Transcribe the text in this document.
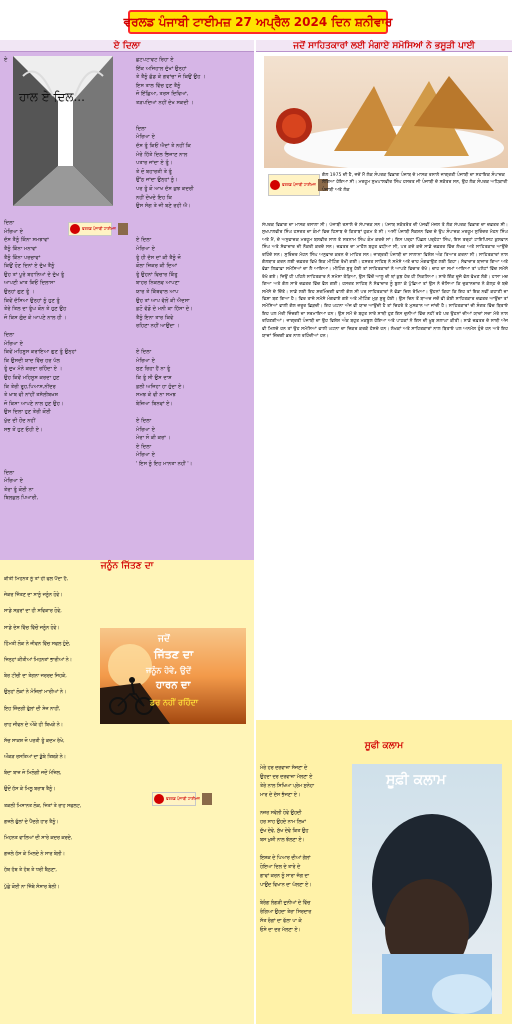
ਵਰਲਡ ਪੰਜਾਬੀ ਟਾਈਮਜ਼ 27 ਅਪ੍ਰੈਲ 2024 ਦਿਨ ਸ਼ਨੀਵਾਰ
ਏ ਦਿਲਾ
ਹਾਲ ਏ ਦਿਲ...
ਏ

ਦਿਲਾ
ਮੇਰਿਆ ਏ
ਦੱਸ ਤੈਨੂੰ ਕਿੰਨਾ ਸਮਝਾਵਾਂ
ਤੈਨੂੰ ਕਿੰਨਾ ਮਨਾਵਾਂ
ਤੈਨੂੰ ਕਿੰਨਾ ਪਰਚਾਵਾਂ
ਕਿਉਂ ਹੋਣ ਦਿਨਾਂ ਏ ਦੁੱਖ ਤੈਨੂੰ
ਉਹ ਤਾਂ ਪੂਰੇ ਬਹਾਨਿਆਂ ਦੇ ਦੁੱਖ ਤੂੰ
ਆਪਣੀ ਖ਼ਾਤ ਕਿਓਂ ਦਿਲਾਸਾ
ਉਨ੍ਹਾਂ ਗੁਣ ਤੂੰ ।
ਕਿਵੇਂ ਦੱਸਿਆ ਉਨ੍ਹਾਂ ਨੂੰ ਹੁਣ ਤੂੰ
ਤੇਰੇ ਤਿਲ ਦਾ ਤੂੰਘ ਕੋਨ ਤੇ ਹੁਣ ਉਹ
ਜੋ ਕਿਸ ਗੁੰਦ ਕੇ ਆਪਣੇ ਨਾਲ ਹੀ ।

ਦਿਲਾ
ਮੇਰਿਆ ਏ
ਕਿਵੇਂ ਮਹਿਸੂਸ ਕਰਾਇਆ ਗੁਣ ਤੂੰ ਉਨ੍ਹਾਂ
ਕਿ ਉਸਦੀ ਯਾਦ ਵਿੱਚ ਹਰ ਪੱਲ
ਤੂੰ ਦੁਖ ਮੰਨੇ ਕਰਦਾ ਰਹਿੰਦਾ ਏ ।
ਉਹ ਕਿਵੇਂ ਮਹਿਸੂਸ ਕਰਦਾ ਹੁਣ
ਕਿ ਤੇਰੀ ਰੂਹ,ਪਿਆਸ,ਨੀਂਦਰ
ਤੇ ਖ਼ਾਬ ਵੀ ਨਾਂਹੀਂ ਤਸੱਲੀਬਖ਼ਸ਼
ਜੋ ਕਿਸਾ ਆਪਣੇ ਨਾਲ ਹੁਣ ਉਹ।
ਉਸ ਦਿਲਾ ਹੁਣ ਤੇਰੀ ਕੋਈ
ਖੁੱਦ ਦੀ ਹੋਂਦ ਨਹੀਂ
ਸਭ ਤੋਂ ਹੁਣ ਓਹੀ ਏ।

ਦਿਲਾ
ਮੇਰਿਆ ਏ
ਤੇਰਾ ਤੂੰ ਕੋਈ ਨਾ
ਬਿਲਕੁਲ ਪਿਆਰੀ,
ਛਟਪਟਾਵਟ ਰਿਹਾ ਏ
ਇੱਕ ਅਜਿਹਾਲ ਦੁੱਖਾਂ ਉਨ੍ਹਾਂ
ਤੇ ਤੈਨੂੰ ਛੱਡ ਕੇ ਗਵਾਂਚਾ ਜੋ ਕਿਉਂ ਉਹ ।
ਇਸ ਤਾਲ ਵਿੱਚ ਹੁਣ ਤੈਨੂੰ
ਜੋ ਇੱਛਿਆ, ਤਰਸ ਦਿਵਿਆਂ,
ਤੜਪਦਿਆਂ ਨਹੀਂ ਦੇਖ ਸਕਦੀ ।

ਦਿਲਾ
ਮੇਰਿਆ ਏ
ਦੱਸ ਤੂੰ ਕਿਓਂ ਐਦਾਂ ਤੇ ਨਹੀਂ ਕਿ
ਮੇਰੇ ਹਿੱਤੇ ਦਿਲ ਭਿਜਾਣ ਨਾਲ
ਪਤਾਰ ਜਾਂਦਾ ਏ ਤੂੰ।
ਤੇ ਦੋ ਬਹਾਰਤੀ ਤੇ ਤੂੰ
ਉੱਠ ਜਾਂਦਾ ਉਨ੍ਹਾਂ ਨੂੰ।
ਪਰ ਤੂੰ ਕੋ ਆਖ ਦੱਸ ਕੁਝ ਕਦਰੀ
ਨਹੀਂ ਦੇਖਦੇ ਇਹ ਕਿ
ਉਸ ਸੰਗ ਤੇ ਜੀ ਬਣੇ ਰਹੀ ਐ।

ਏ ਦਿਲਾ
ਮੇਰਿਆ ਏ
ਤੂੰ ਹੀ ਦੱਸ ਦਾਂ ਕੀ ਤੈਨੂੰ ਜੋ
ਕੋਲਾ ਜ਼ਿਕਰ ਕੀ ਦਿਆਂ
ਤੂੰ ਉਹਨਾਂ ਵਿਚਾਰ ਕਿੰਤੂ
ਬਾਹਰ ਨਿਕਲਵ ਆਪਣਾ
ਯਾਰ ਤੇ ਕਿੱਥਵਾਲ ਆਪ
ਉਹ ਤਾਂ ਆਪ ਵੱਲੋਂ ਕੀ ਐਦਸਾ
ਫ਼ਟੋ ਵੱਡੋ ਦੇ ਮਨੀ ਕਾ ਹਿੱਸਾ ਦੇ।
ਤੈਨੂੰ ਇਨਾ ਤਾਰ ਕਿਵੇ
ਰਹਿਣਾ ਨਹੀਂ ਆਉਂਦਾ ।

ਏ ਦਿਲਾ
ਮੇਰਿਆ ਏ
ਸੁਣ ਰਿਹਾ ਹੈਂ ਨਾ ਤੂੰ
ਕਿ ਤੂੰ ਸੀ ਉਸ ਦਾਸ਼
ਫ਼ਲੀ ਅਜਿਹਾ ਹਾ ਹੁੰਦਾ ਏ।
ਸਮਝ ਕੇ ਵੀ ਨਾ ਸਮਝ
ਬੇਜ਼ਿਆ ਬਿਨਵਾਂ ਏ।

ਏ ਦਿਲਾ
ਮੇਰਿਆ ਏ
ਮੇਰਾ ਸੋ ਕੀ ਕਰਾਂ ।
ਏ ਦਿਲਾ
ਮੇਰਿਆ ਏ
' ਇਸ ਨੂੰ ਇਹ ਮਾਨਤਾ ਨਹੀਂ '।
ਵਰਲਡ ਪੰਜਾਬੀ ਟਾਈਮਜ਼
ਜਦੋਂ ਸਾਹਿਤਕਾਰਾਂ ਲਈ ਮੰਗਾਏ ਸਮੋਸਿਆਂ ਨੇ ਭਸੂੜੀ ਪਾਈ
ਵਰਲਡ ਪੰਜਾਬੀ ਟਾਈਮਜ਼
ਗੱਲ 1975 ਦੀ ਹੈ, ਜਦੋਂ ਮੈਂ ਲੋਕ ਸੰਪਰਕ ਵਿਭਾਗ ਪੰਜਾਬ ਦੇ ਮਾਸਕ ਰਸਾਲੇ ਜਾਗ੍ਰਤੀ ਪੰਜਾਬੀ ਦਾ ਸਹਾਇਕ ਸੰਪਾਦਕ ਲੱਗਿਆ ਹੋਇਆ ਸੀ। ਮਰਹੂਮ ਸੁਖਪਾਲਵੀਰ ਸਿੰਘ ਹਸਰਤ ਜੀ ਪੰਜਾਬੀ ਦੇ ਸਕੱਤਰ ਸਨ, ਉਹ ਲੋਕ ਸੰਪਰਕ ਅਧਿਕਾਰੀ ਪੰਜਾਬੀ ਅਤੇ ਲੋਕ
ਸੰਪਰਕ ਵਿਭਾਗ ਦਾ ਮਾਸਕ ਰਸਾਲਾ ਸੀ। ਪੰਜਾਬੀ ਰਸਾਲੇ ਦੇ ਸੰਪਾਦਕ ਸਨ। ਪੰਜਾਬ ਸਕੱਤਰੇਤ ਦੀ ਪੰਜਵੀਂ ਮੰਜ਼ਲ ਤੇ ਲੋਕ ਸੰਪਰਕ ਵਿਭਾਗ ਦਾ ਦਫ਼ਤਰ ਸੀ। ਸੁਖਪਾਲਵੀਰ ਸਿੰਘ ਹਸਰਤ ਦਾ ਕੰਮਾਂ ਵਿਚ ਹਿਸਾਬ ਦੇ ਕਿਤਾਬਾਂ ਹੁਕਮ ਤੇ ਸੀ। ਅਸੀਂ ਪੰਜਾਬੀ ਸੈਕਸ਼ਨ ਵਿਚ ਦੋ ਉਪ ਸੰਪਾਦਕ ਮਰਹੂਮ ਸੁਰਿੰਦਰ ਮੋਹਨ ਸਿੰਘ ਅਤੇ ਮੈਂ, ਦੋ ਅਨੁਵਾਦਕ ਮਰਹੂਮ ਬਲਵੀਰ ਸਾਲ ਤੇ ਸਤਨਾਮ ਸਿੰਘ ਕੰਮ ਕਰਦੇ ਸਾਂ। ਇਸ ਪਰ੍ਹਾ ਪਿੱਛਲ ਪਰ੍ਹੇਟਾ ਸਿੰਘ, ਇਸ ਤਰ੍ਹਾਂ ਟਾਇਪਿਸਟ ਕੁਲਵਾਨ ਸਿੰਘ ਅਤੇ ਸੇਵਾਦਾਰ ਦੀ ਨੌਕਰੀ ਕਰਦੇ ਸਨ। ਦਫ਼ਤਰ ਦਾ ਮਾਹੌਲ ਬਹੁਤ ਵਧੀਆ ਸੀ, ਪਰ ਕਦੇ ਕਦੇ ਸਾਡੇ ਦਫ਼ਤਰ ਵਿੱਚ ਲੇਖਕ ਅਤੇ ਸਾਹਿਤਕਾਰ ਆਉਂਦੇ ਰਹਿੰਦੇ ਸਨ। ਸੁਰਿੰਦਰ ਮੋਹਨ ਸਿੰਘ ਅਨੁਵਾਦ ਕਰਨ ਦੇ ਮਾਹਿਰ ਸਨ। ਜਾਗ੍ਰਤੀ ਪੰਜਾਬੀ ਦਾ ਸਾਲਾਨਾ ਵਿਸ਼ੇਸ਼ ਅੰਕ ਤਿਆਰ ਕਰਨਾ ਸੀ। ਸਾਹਿਤਕਾਰਾਂ ਨਾਲ ਗੱਲਬਾਤ ਕਰਨ ਲਈ ਦਫ਼ਤਰ ਵਿਖੇ ਇਕ ਮੀਟਿੰਗ ਰੱਖੀ ਗਈ। ਹਸਰਤ ਸਾਹਿਬ ਨੇ ਸਮੋਸੇ ਅਤੇ ਚਾਹ ਮੰਗਵਾਉਣ ਲਈ ਕਿਹਾ। ਸੇਵਾਦਾਰ ਬਾਜ਼ਾਰ ਗਿਆ ਅਤੇ ਵੱਡਾ ਲਿਫ਼ਾਫ਼ਾ ਸਮੋਸਿਆਂ ਦਾ ਲੈ ਆਇਆ। ਮੀਟਿੰਗ ਸ਼ੁਰੂ ਹੋਈ ਤਾਂ ਸਾਹਿਤਕਾਰਾਂ ਨੇ ਆਪਣੇ ਵਿਚਾਰ ਰੱਖੇ। ਚਾਹ ਦਾ ਸਮਾਂ ਆਇਆ ਤਾਂ ਪਲੇਟਾਂ ਵਿੱਚ ਸਮੋਸੇ ਰੱਖੇ ਗਏ। ਜਿਉਂ ਹੀ ਪਹਿਲੇ ਸਾਹਿਤਕਾਰ ਨੇ ਸਮੋਸਾ ਤੋੜਿਆ, ਉਸ ਵਿੱਚੋਂ ਆਲੂ ਦੀ ਥਾਂ ਕੁਝ ਹੋਰ ਹੀ ਨਿਕਲਿਆ। ਸਾਰੇ ਇੱਕ ਦੂਜੇ ਵੱਲ ਵੇਖਣ ਲੱਗੇ। ਹਾਸਾ ਮਚ ਗਿਆ ਅਤੇ ਗੱਲ ਸਾਰੇ ਦਫ਼ਤਰ ਵਿੱਚ ਫੈਲ ਗਈ। ਹਸਰਤ ਸਾਹਿਬ ਨੇ ਸੇਵਾਦਾਰ ਨੂੰ ਬੁਲਾ ਕੇ ਪੁੱਛਿਆ ਤਾਂ ਉਸ ਨੇ ਦੱਸਿਆ ਕਿ ਦੁਕਾਨਦਾਰ ਨੇ ਕੱਲ੍ਹ ਦੇ ਬਚੇ ਸਮੋਸੇ ਦੇ ਦਿੱਤੇ। ਸਾਡੇ ਲਈ ਇਹ ਸ਼ਰਮਿੰਦਗੀ ਵਾਲੀ ਗੱਲ ਸੀ ਪਰ ਸਾਹਿਤਕਾਰਾਂ ਨੇ ਵੱਡਾ ਦਿਲ ਰੱਖਿਆ। ਉਹਨਾਂ ਕਿਹਾ ਕਿ ਇਹ ਤਾਂ ਇਕ ਨਵੀਂ ਕਹਾਣੀ ਦਾ ਵਿਸ਼ਾ ਬਣ ਗਿਆ ਹੈ। ਫਿਰ ਤਾਜ਼ੇ ਸਮੋਸੇ ਮੰਗਵਾਏ ਗਏ ਅਤੇ ਮੀਟਿੰਗ ਮੁੜ ਸ਼ੁਰੂ ਹੋਈ। ਉਸ ਦਿਨ ਤੋਂ ਬਾਅਦ ਜਦੋਂ ਵੀ ਕੋਈ ਸਾਹਿਤਕਾਰ ਦਫ਼ਤਰ ਆਉਂਦਾ ਤਾਂ ਸਮੋਸਿਆਂ ਵਾਲੀ ਗੱਲ ਜ਼ਰੂਰ ਛਿੜਦੀ। ਇਹ ਘਟਨਾ ਅੱਜ ਵੀ ਯਾਦ ਆਉਂਦੀ ਹੈ ਤਾਂ ਚਿਹਰੇ ਤੇ ਮੁਸਕਾਨ ਆ ਜਾਂਦੀ ਹੈ। ਸਾਹਿਤਕਾਰਾਂ ਦੀ ਸੰਗਤ ਵਿੱਚ ਬਿਤਾਏ ਇਹ ਪਲ ਮੇਰੀ ਜ਼ਿੰਦਗੀ ਦਾ ਸਰਮਾਇਆ ਹਨ। ਉਸ ਸਮੇਂ ਦੇ ਬਹੁਤ ਸਾਰੇ ਸਾਥੀ ਹੁਣ ਇਸ ਦੁਨੀਆਂ ਵਿੱਚ ਨਹੀਂ ਰਹੇ ਪਰ ਉਹਨਾਂ ਦੀਆਂ ਯਾਦਾਂ ਸਦਾ ਮੇਰੇ ਨਾਲ ਰਹਿਣਗੀਆਂ। ਜਾਗ੍ਰਤੀ ਪੰਜਾਬੀ ਦਾ ਉਹ ਵਿਸ਼ੇਸ਼ ਅੰਕ ਬਹੁਤ ਮਕਬੂਲ ਹੋਇਆ ਅਤੇ ਪਾਠਕਾਂ ਨੇ ਇਸ ਦੀ ਖ਼ੂਬ ਸ਼ਲਾਘਾ ਕੀਤੀ। ਸਾਡੇ ਦਫ਼ਤਰ ਦੇ ਸਾਥੀ ਅੱਜ ਵੀ ਮਿਲਦੇ ਹਨ ਤਾਂ ਉਹ ਸਮੋਸਿਆਂ ਵਾਲੀ ਘਟਨਾ ਦਾ ਜ਼ਿਕਰ ਕਰਕੇ ਹੱਸਦੇ ਹਨ। ਲੇਖਕਾਂ ਅਤੇ ਸਾਹਿਤਕਾਰਾਂ ਨਾਲ ਬਿਤਾਏ ਪਲ ਅਨਮੋਲ ਹੁੰਦੇ ਹਨ ਅਤੇ ਇਹ ਯਾਦਾਂ ਜ਼ਿੰਦਗੀ ਭਰ ਨਾਲ ਰਹਿੰਦੀਆਂ ਹਨ।
ਜਨੂੰਨ ਜਿੱਤਣ ਦਾ
ਕੀਤੀ ਮਿਹਨਤ ਨੂੰ ਤਾਂ ਹੀ ਫਲ ਪੈਂਦਾ ਹੈ,

ਜੇਕਰ ਜਿੱਤਣ ਦਾ ਸਾਨੂੰ ਜਨੂੰਨ ਹੋਵੇ।

ਸਾਡੇ ਸਫ਼ਰਾਂ ਦਾ ਹੀ ਸਵਿਕਾਰ ਹੋਵੇ,

ਸਾਡੇ ਦੇਸ ਵਿੱਚ ਵਿੱਚੋਂ ਜਨੂੰਨ ਹੋਵੇ।

ਹਿੰਮਤੀ ਲੋਕ ਨੇ ਜੀਵਨ ਵਿੱਚ ਸਫਲ ਹੁੰਦੇ,

ਜਿਨ੍ਹਾਂ ਕੀਤੀਆਂ ਮਿਹਨਤਾਂ ਭਾਰੀਆਂ ਨੇ।

ਬੇਰ ਟੀਚੀ ਦਾ ਤੇਗਨਾ ਜਰਰਦ ਜਿਹਕੇ,

ਉਨ੍ਹਾਂ ਲੋਕਾਂ ਨੇ ਮੰਜ਼ਿਲਾਂ ਮਾਰੀਆਂ ਨੇ।

ਇਹ ਜ਼ਿੰਦਗੀ ਫੁੱਲਾਂ ਦੀ ਸੇਜ ਨਾਹੀਂ,

ਰਾਹ ਜੀਵਨ ਦੇ ਔਕੇ ਹੀ ਬਿਖੜੇ ਨੇ।

ਸੱਚ ਸਾਕਸ਼ ਜੋ ਪਰਤੀ ਤੂੰ ਕਦਮ ਰੱਖੇ,

ਔਕੜ ਰਸਤਿਆਂ ਦਾ ਡੁੱਬੇ ਤਿਥੜੇ ਨੇ।

ਬੰਦਾ ਬਾਜ਼ ਜੋ ਮਿਲੋਗੀ ਜਦੋਂ ਮੰਜ਼ਿਲ,

ਉਦੋਂ ਹੱਸ ਕੇ ਮਿਲੂ ਬਰਾਬ ਤੈਨੂੰ।

ਤਕਲੀ ਮਿਸਾਨਤ ਲੋਕ, ਜਿਤਾਂ ਤੇ ਰਾਹ ਸਫਲਟ,

ਗਜਲੇ ਫੁੱਲਾਂ ਦੇ ਪੈਂਦਗੇ ਹਾਰ ਤੈਨੂੰ।

ਮਿਹਨਤ ਵਾਲਿਆਂ ਦੀ ਸਾਰੇ ਕਦਰ ਕਰਦੇ,

ਗਜਲੇ ਹੱਸ ਕੇ ਮਿਲਦੇ ਨੇ ਸਾਰ ਬੇਲੀ।

ਹੱਥ ਹੱਥ ਤੇ ਹੱਥ ਤੇ ਧਰੀ ਬੈਠਣਾ,

ਪੁੱਛੇ ਕੋਈ ਨਾ ਜਿੱਥੇ ਸੰਸਾਰ ਬੇਲੀ।
ਜਦੋਂ
ਜਿੱਤਣ ਦਾ
ਜਨੂੰਨ ਹੋਵੇ, ਉਦੋਂ
ਹਾਰਨ ਦਾ
ਡਰ ਨਹੀਂ ਰਹਿੰਦਾ
ਵਰਲਡ ਪੰਜਾਬੀ ਟਾਈਮਜ਼
ਸੂਫੀ ਕਲਾਮ
ਮੇਰੇ ਹਰ ਦਰਵਾਜ਼ਾ ਸੱਜਣਾ ਦੇ
ਉਹਦਾ ਦਰ ਦਰਵਾਜ਼ਾ ਮੱਲਣਾ ਏ
ਤੇਰੇ ਨਾਲ ਸਿਖਿਆ ਪ੍ਰੇਮ ਸੁਨੇਹਾ
ਮਾਰ ਦੇ ਦੱਸ ਭੱਜਣਾ ਏ।

ਨਜ਼ਰ ਸਵੱਲੀ ਹੋਵੇ ਉਹਦੀ
ਹਰ ਸਾਹ ਉਹਦੇ ਨਾਮ ਲਿਖਾਂ
ਦੁੱਖ ਦੇਵੇ, ਸੁੱਖ ਦੇਵੇ ਕਿਤ ਉਹ
ਬਸ ਖੁਸ਼ੀ ਨਾਲ ਝੱਲਣਾ ਏ।

ਇਸ਼ਕ ਦੇ ਪਿਆਰ ਦੀਆਂ ਗੱਲਾਂ
ਹੋਇਆ ਦਿਲ ਦੇ ਤਾਰੇ ਦੇ
ਗਾਵਾਂ ਕਰਨ ਨੂੰ ਸਾਰਾ ਜੱਗ ਦਾ
ਪਾਉਂਦ ਵਿਖਾਨ ਦਾ ਘੱਲਣਾ ਏ।

ਬੇਰੰਗ ਲੰਗੜੀ ਦੁਨੀਆਂ ਦੇ ਵਿੱਚ
ਰੰਗਿਆ ਉਹਦਾ ਤੇਰਾ ਸਿਰਦਾਰ
ਸੱਤ ਰੰਗਾਂ ਦਾ ਫੱਲਾ ਪਾ ਕੇ
ਓਸੇ ਦਾ ਦਰ ਮੱਲਣਾ ਏ।
ਸੂਫ਼ੀ ਕਲਾਮ
